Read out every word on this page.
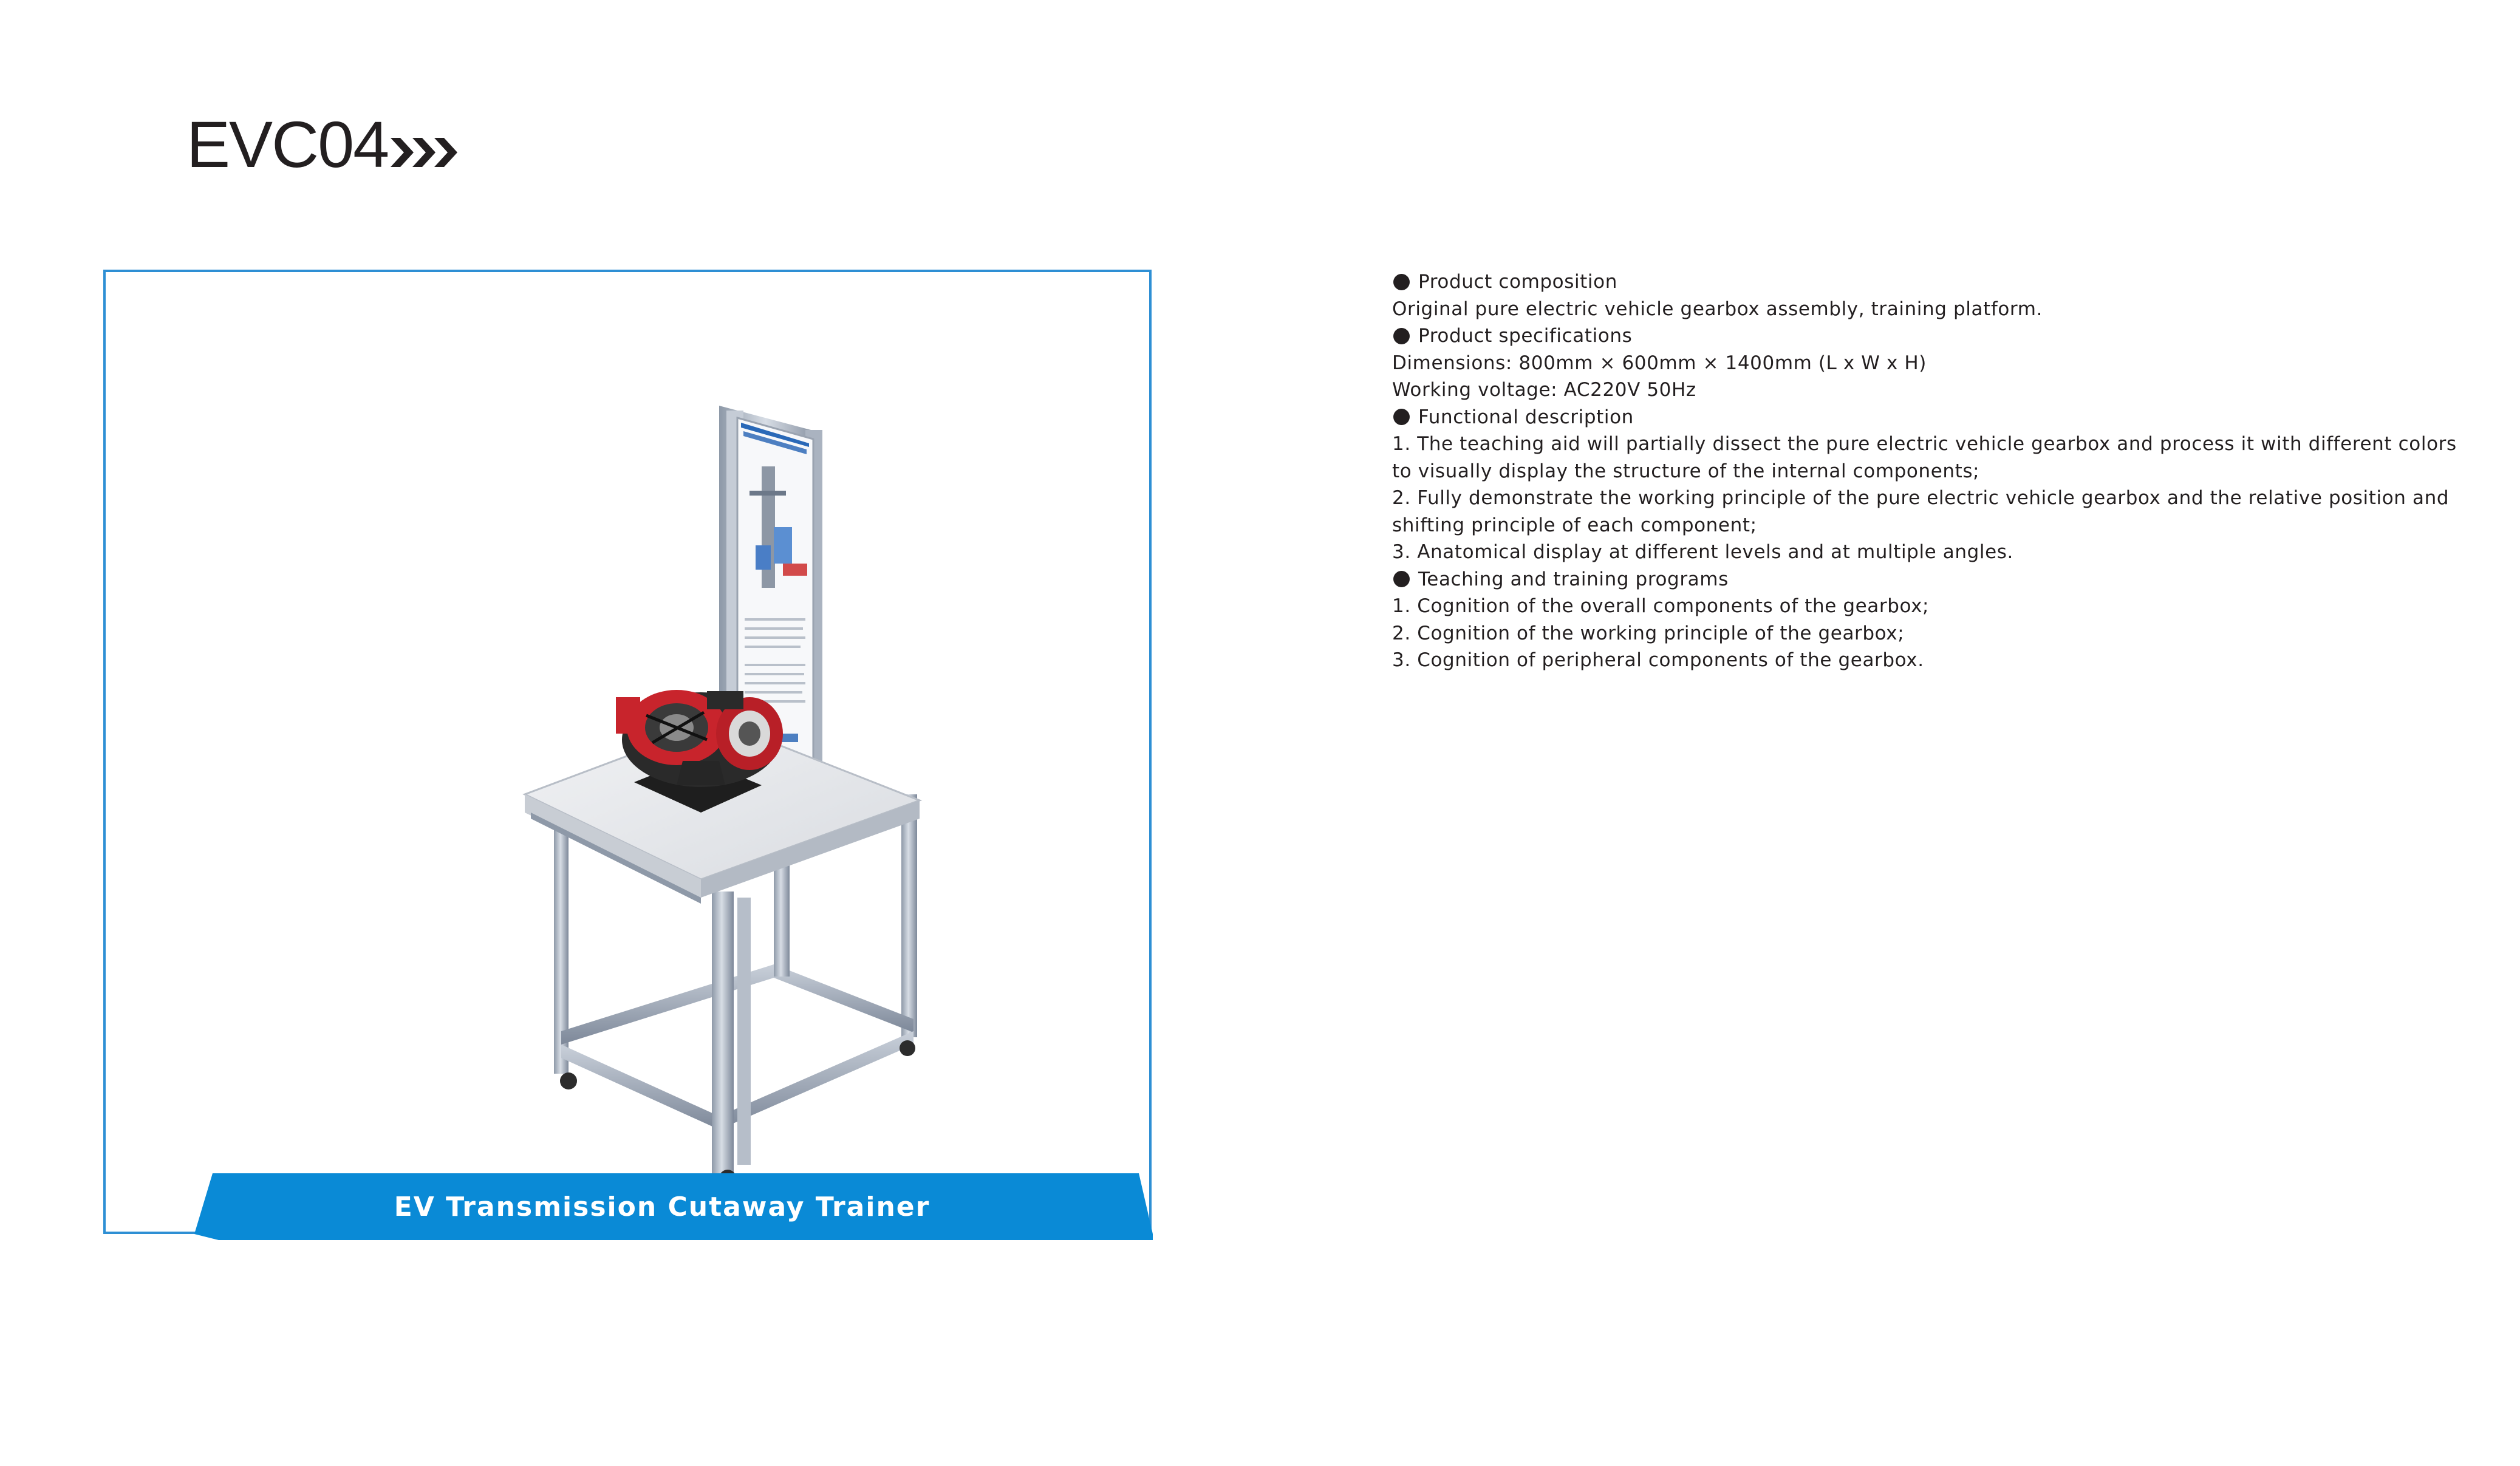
EVC04
EV Transmission Cutaway Trainer
Product composition
Original pure electric vehicle gearbox assembly, training platform.
Product specifications
Dimensions: 800mm × 600mm × 1400mm (L x W x H)
Working voltage: AC220V 50Hz
Functional description
1. The teaching aid will partially dissect the pure electric vehicle gearbox and process it with different colors to visually display the structure of the internal components;
2. Fully demonstrate the working principle of the pure electric vehicle gearbox and the relative position and shifting principle of each component;
3. Anatomical display at different levels and at multiple angles.
Teaching and training programs
1. Cognition of the overall components of the gearbox;
2. Cognition of the working principle of the gearbox;
3. Cognition of peripheral components of the gearbox.
